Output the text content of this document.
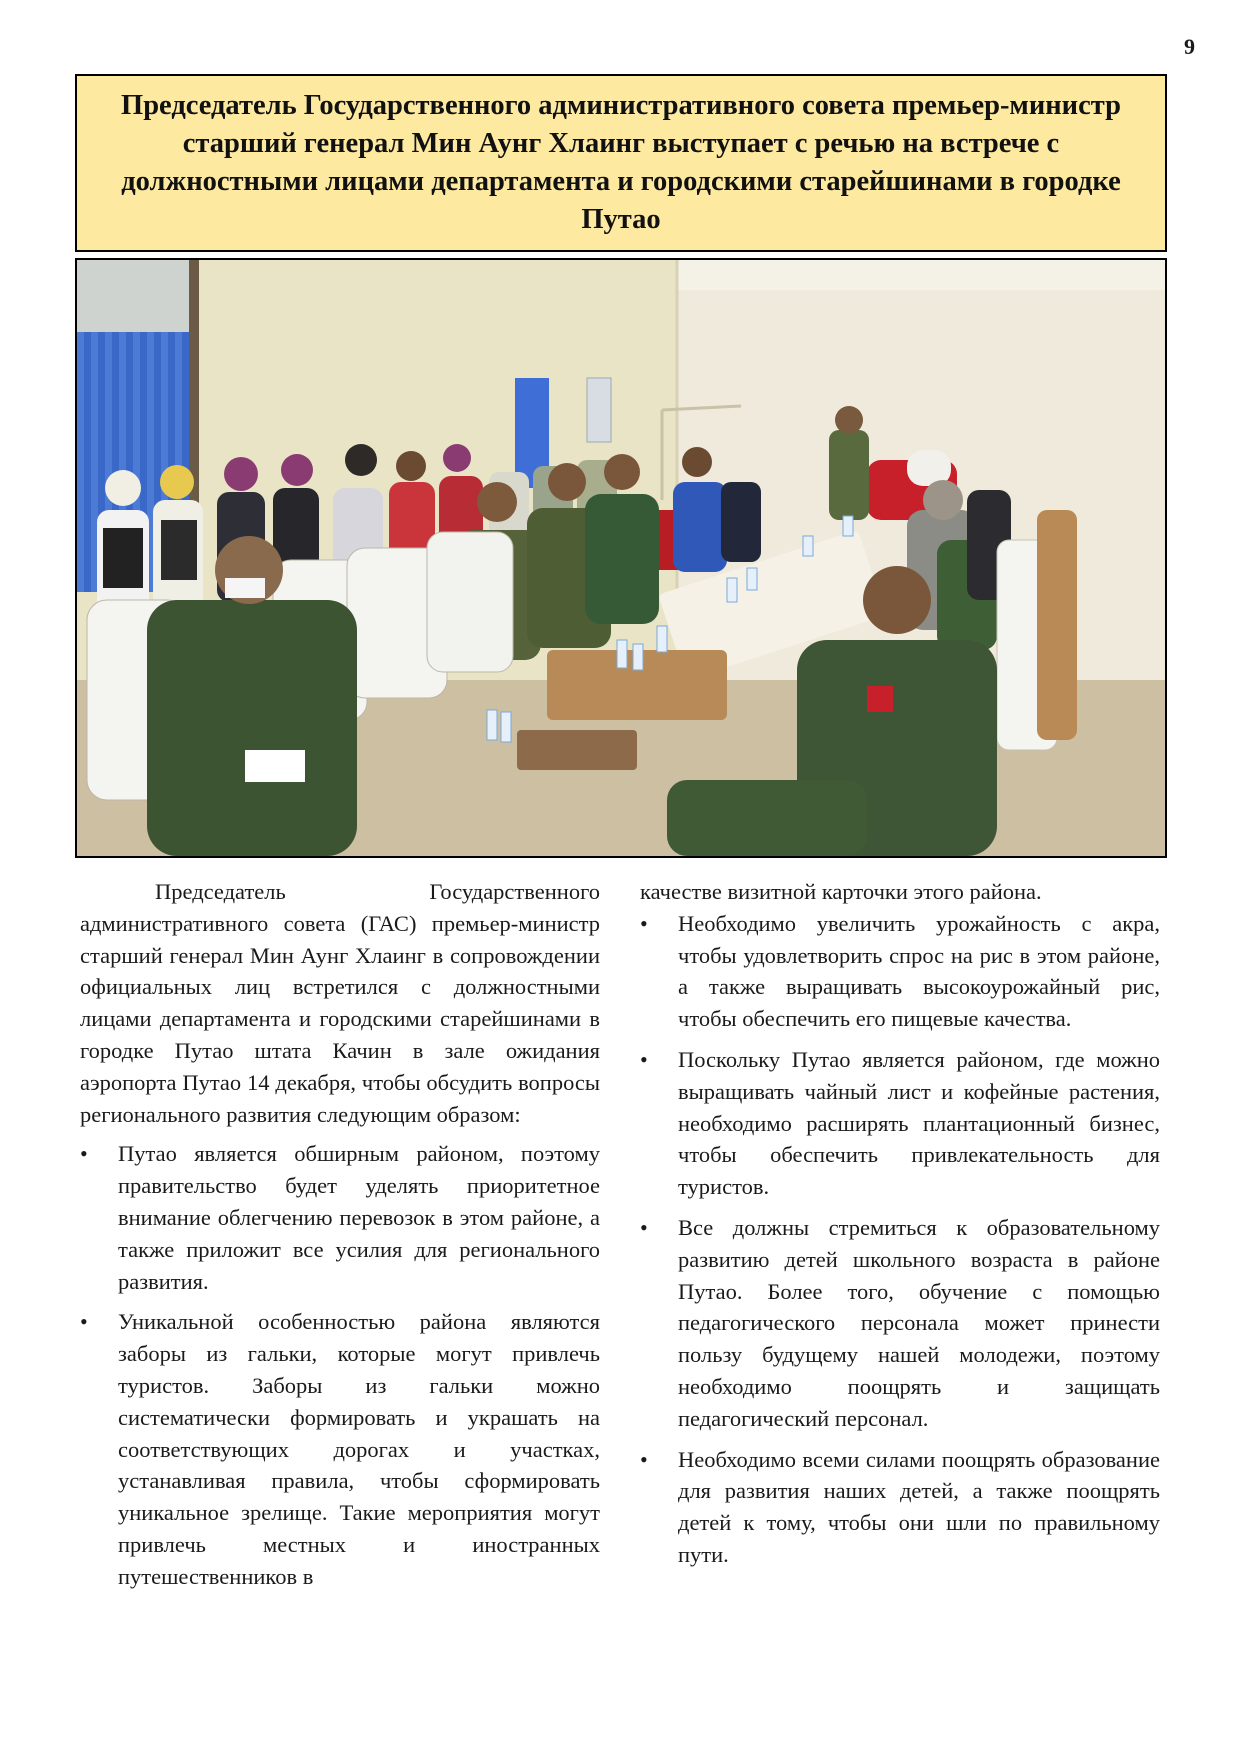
9
Председатель Государственного административного совета премьер-министр старший генерал Мин Аунг Хлаинг выступает с речью на встрече с должностными лицами департамента и городскими старейшинами в городке Путао

Председатель Государственного административного совета (ГАС) премьер-министр старший генерал Мин Аунг Хлаинг в сопровождении официальных лиц встретился с должностными лицами департамента и городскими старейшинами в городке Путао штата Качин в зале ожидания аэропорта Путао 14 декабря, чтобы обсудить вопросы регионального развития следующим образом:

• Путао является обширным районом, поэтому правительство будет уделять приоритетное внимание облегчению перевозок в этом районе, а также приложит все усилия для регионального развития.
• Уникальной особенностью района являются заборы из гальки, которые могут привлечь туристов. Заборы из гальки можно систематически формировать и украшать на соответствующих дорогах и участках, устанавливая правила, чтобы сформировать уникальное зрелище. Такие мероприятия могут привлечь местных и иностранных путешественников в

качестве визитной карточки этого района.

• Необходимо увеличить урожайность с акра, чтобы удовлетворить спрос на рис в этом районе, а также выращивать высокоурожайный рис, чтобы обеспечить его пищевые качества.
• Поскольку Путао является районом, где можно выращивать чайный лист и кофейные растения, необходимо расширять плантационный бизнес, чтобы обеспечить привлекательность для туристов.
• Все должны стремиться к образовательному развитию детей школьного возраста в районе Путао. Более того, обучение с помощью педагогического персонала может принести пользу будущему нашей молодежи, поэтому необходимо поощрять и защищать педагогический персонал.
• Необходимо всеми силами поощрять образование для развития наших детей, а также поощрять детей к тому, чтобы они шли по правильному пути.
